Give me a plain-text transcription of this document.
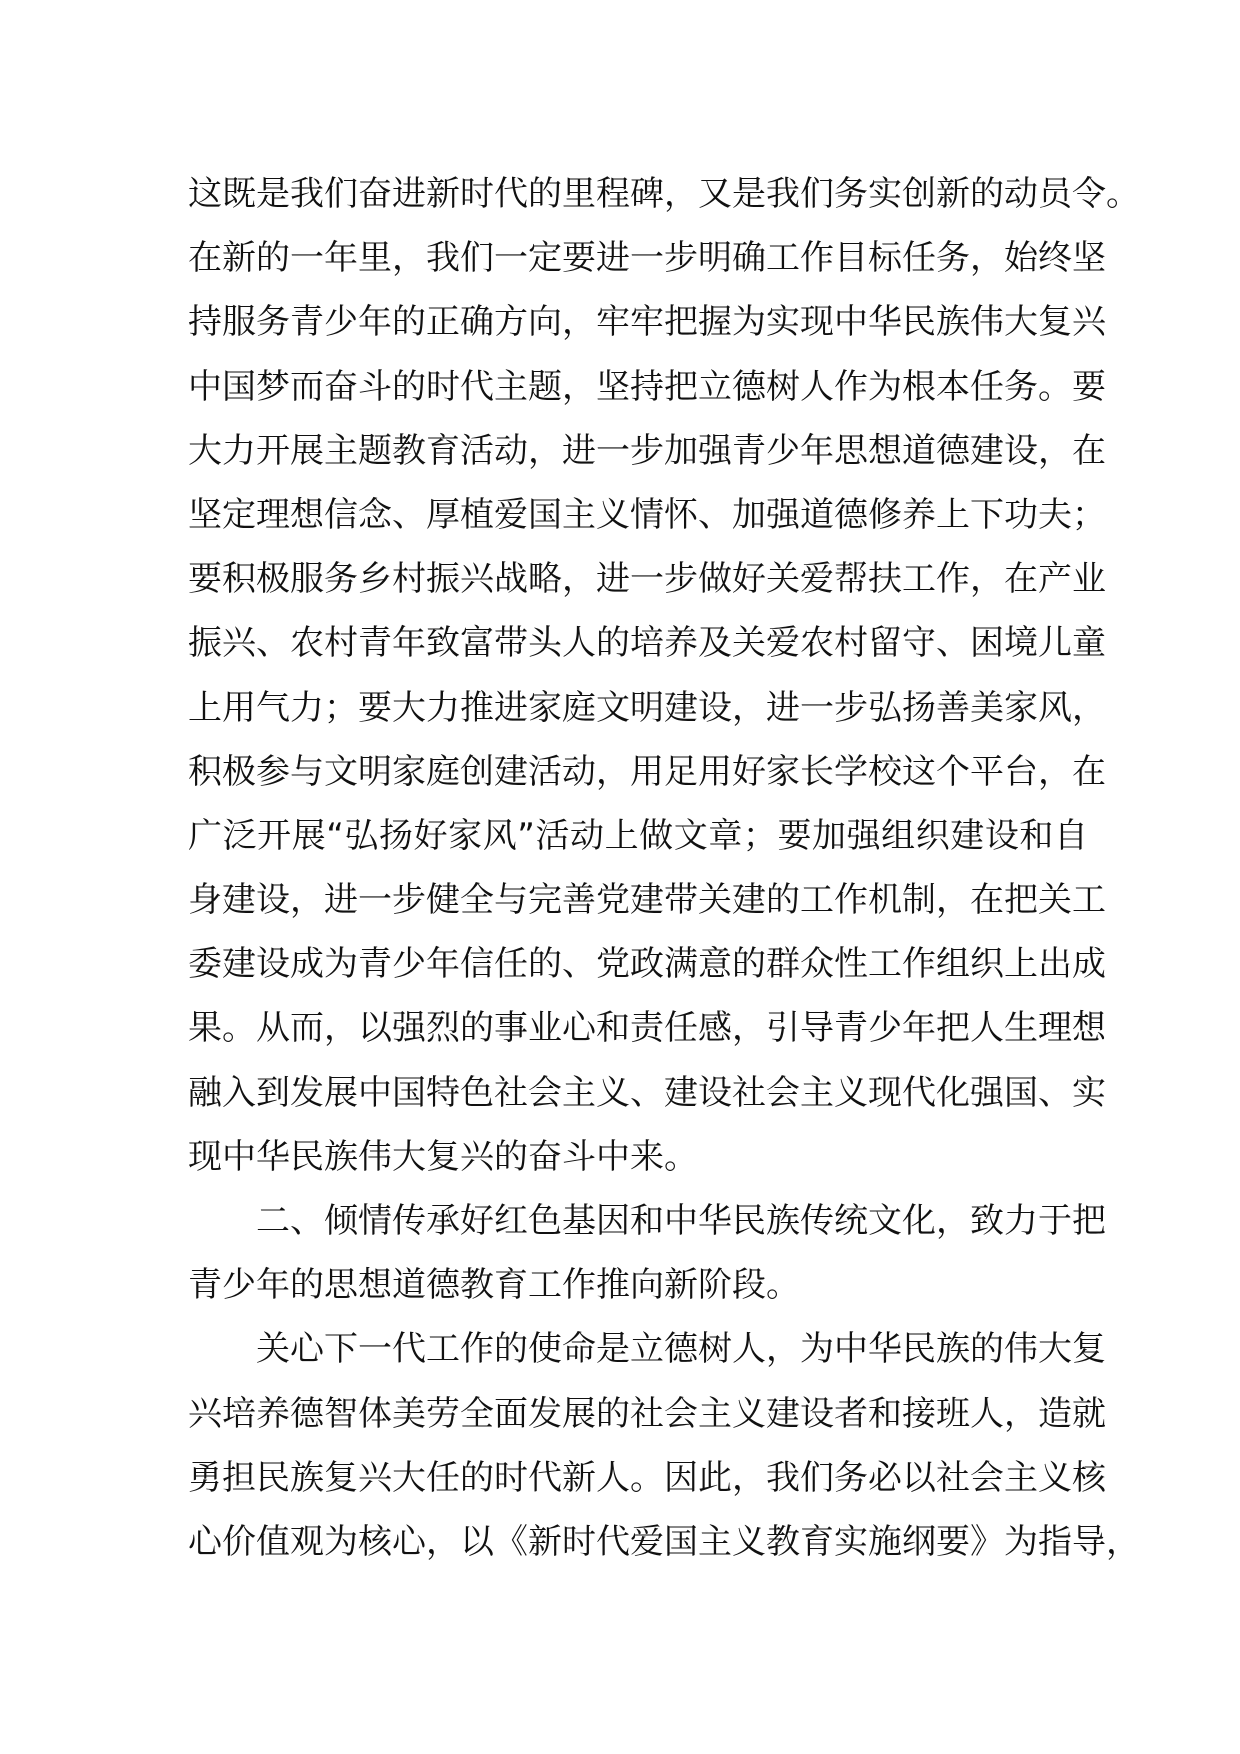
这既是我们奋进新时代的里程碑，又是我们务实创新的动员令。
在新的一年里，我们一定要进一步明确工作目标任务，始终坚
持服务青少年的正确方向，牢牢把握为实现中华民族伟大复兴
中国梦而奋斗的时代主题，坚持把立德树人作为根本任务。要
大力开展主题教育活动，进一步加强青少年思想道德建设，在
坚定理想信念、厚植爱国主义情怀、加强道德修养上下功夫；
要积极服务乡村振兴战略，进一步做好关爱帮扶工作，在产业
振兴、农村青年致富带头人的培养及关爱农村留守、困境儿童
上用气力；要大力推进家庭文明建设，进一步弘扬善美家风，
积极参与文明家庭创建活动，用足用好家长学校这个平台，在
广泛开展“弘扬好家风”活动上做文章；要加强组织建设和自
身建设，进一步健全与完善党建带关建的工作机制，在把关工
委建设成为青少年信任的、党政满意的群众性工作组织上出成
果。从而，以强烈的事业心和责任感，引导青少年把人生理想
融入到发展中国特色社会主义、建设社会主义现代化强国、实
现中华民族伟大复兴的奋斗中来。
二、倾情传承好红色基因和中华民族传统文化，致力于把
青少年的思想道德教育工作推向新阶段。
关心下一代工作的使命是立德树人，为中华民族的伟大复
兴培养德智体美劳全面发展的社会主义建设者和接班人，造就
勇担民族复兴大任的时代新人。因此，我们务必以社会主义核
心价值观为核心，以《新时代爱国主义教育实施纲要》为指导，
